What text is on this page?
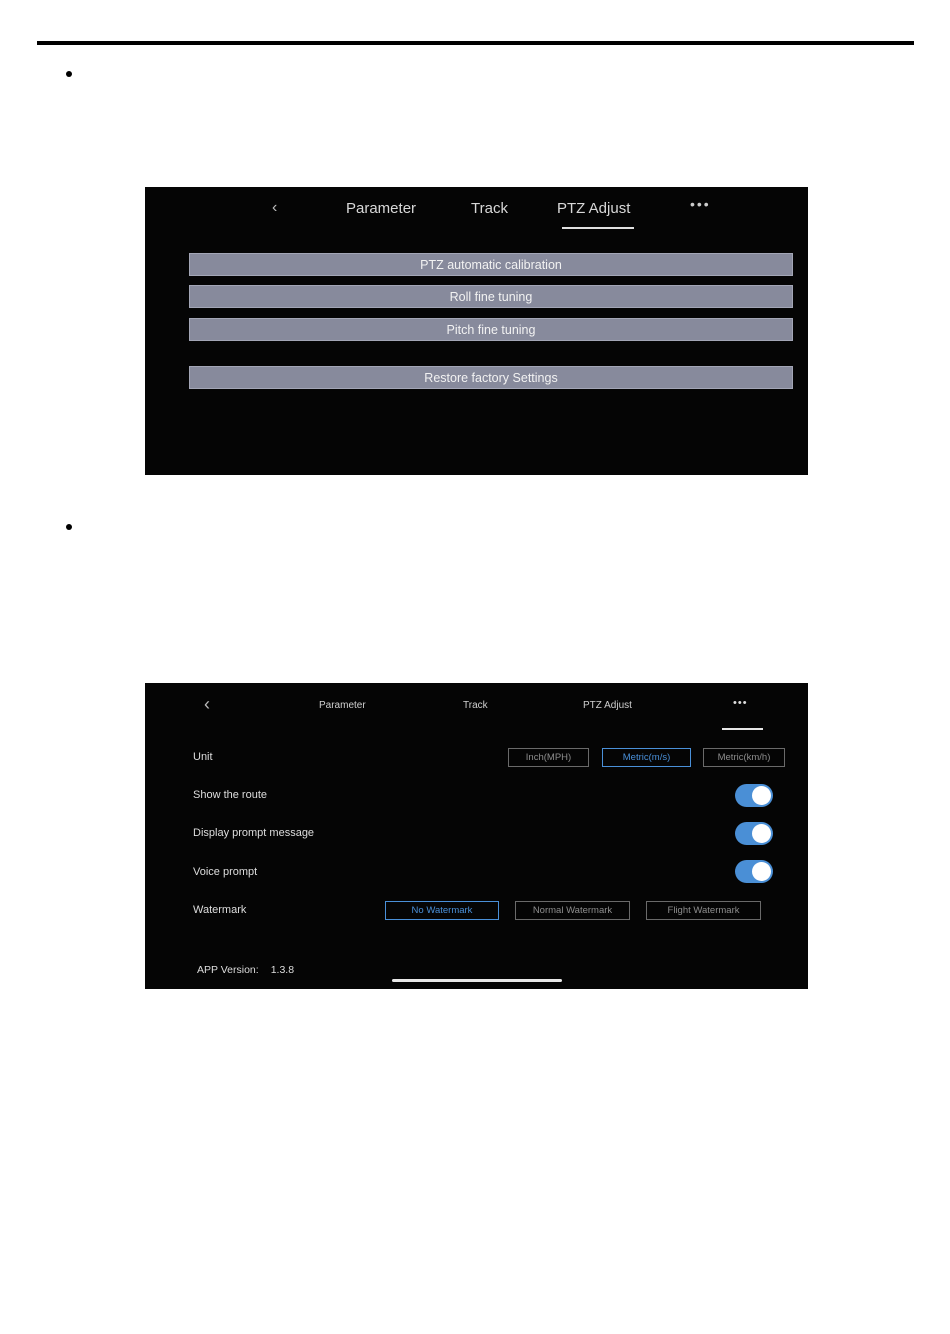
‹	Parameter	Track	PTZ Adjust	•••
PTZ automatic calibration
Roll fine tuning
Pitch fine tuning
Restore factory Settings
‹	Parameter	Track	PTZ Adjust	•••
Unit	Inch(MPH)	Metric(m/s)	Metric(km/h)
Show the route
Display prompt message
Voice prompt
Watermark	No Watermark	Normal Watermark	Flight Watermark
APP Version: 1.3.8
